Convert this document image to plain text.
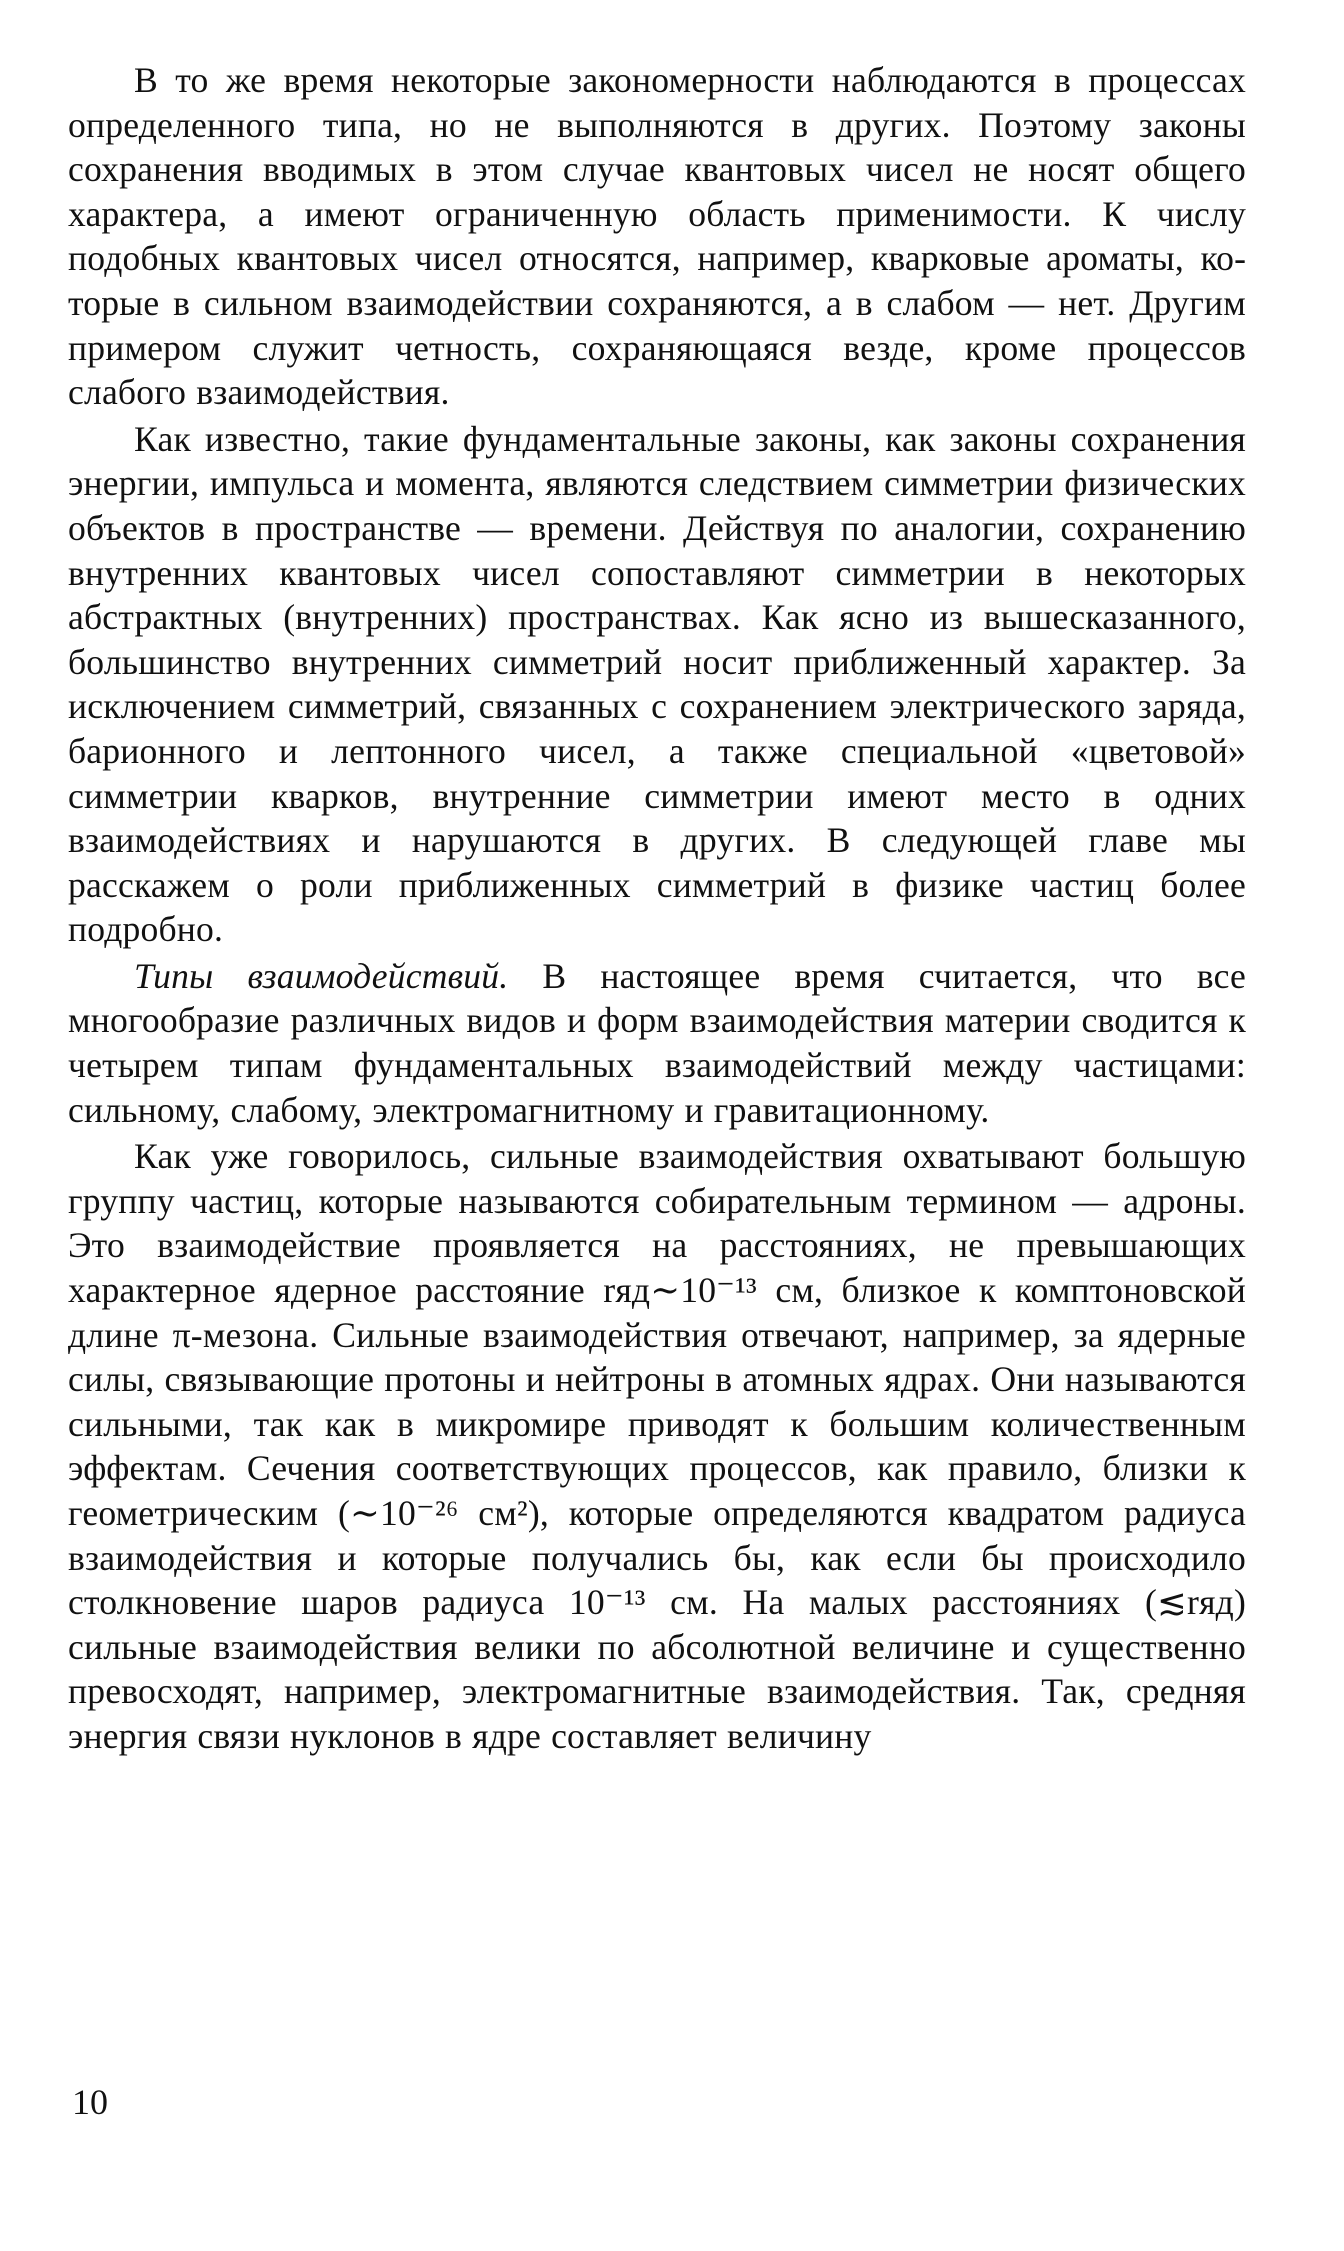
В то же время некоторые закономерности наблюдаются в процессах определенного типа, но не выполняются в других. Поэтому законы сохранения вводимых в этом случае квантовых чисел не носят общего характера, а имеют ограниченную область применимости. К числу подобных квантовых чисел относятся, например, кварковые ароматы, которые в сильном взаимодействии сохраняются, а в слабом — нет. Другим примером служит четность, сохраняющаяся везде, кроме процессов слабого взаимодействия.

Как известно, такие фундаментальные законы, как законы сохранения энергии, импульса и момента, являются следствием симметрии физических объектов в пространстве — времени. Действуя по аналогии, сохранению внутренних квантовых чисел сопоставляют симметрии в некоторых абстрактных (внутренних) пространствах. Как ясно из вышесказанного, большинство внутренних симметрий носит приближенный характер. За исключением симметрий, связанных с сохранением электрического заряда, барионного и лептонного чисел, а также специальной «цветовой» симметрии кварков, внутренние симметрии имеют место в одних взаимодействиях и нарушаются в других. В следующей главе мы расскажем о роли приближенных симметрий в физике частиц более подробно.

Типы взаимодействий. В настоящее время считается, что все многообразие различных видов и форм взаимодействия материи сводится к четырем типам фундаментальных взаимодействий между частицами: сильному, слабому, электромагнитному и гравитационному.

Как уже говорилось, сильные взаимодействия охватывают большую группу частиц, которые называются собирательным термином — адроны. Это взаимодействие проявляется на расстояниях, не превышающих характерное ядерное расстояние rяд∼10⁻¹³ см, близкое к комптоновской длине π-мезона. Сильные взаимодействия отвечают, например, за ядерные силы, связывающие протоны и нейтроны в атомных ядрах. Они называются сильными, так как в микромире приводят к большим количественным эффектам. Сечения соответствующих процессов, как правило, близки к геометрическим (∼10⁻²⁶ см²), которые определяются квадратом радиуса взаимодействия и которые получались бы, как если бы происходило столкновение шаров радиуса 10⁻¹³ см. На малых расстояниях (≲rяд) сильные взаимодействия велики по абсолютной величине и существенно превосходят, например, электромагнитные взаимодействия. Так, средняя энергия связи нуклонов в ядре составляет величину

10
